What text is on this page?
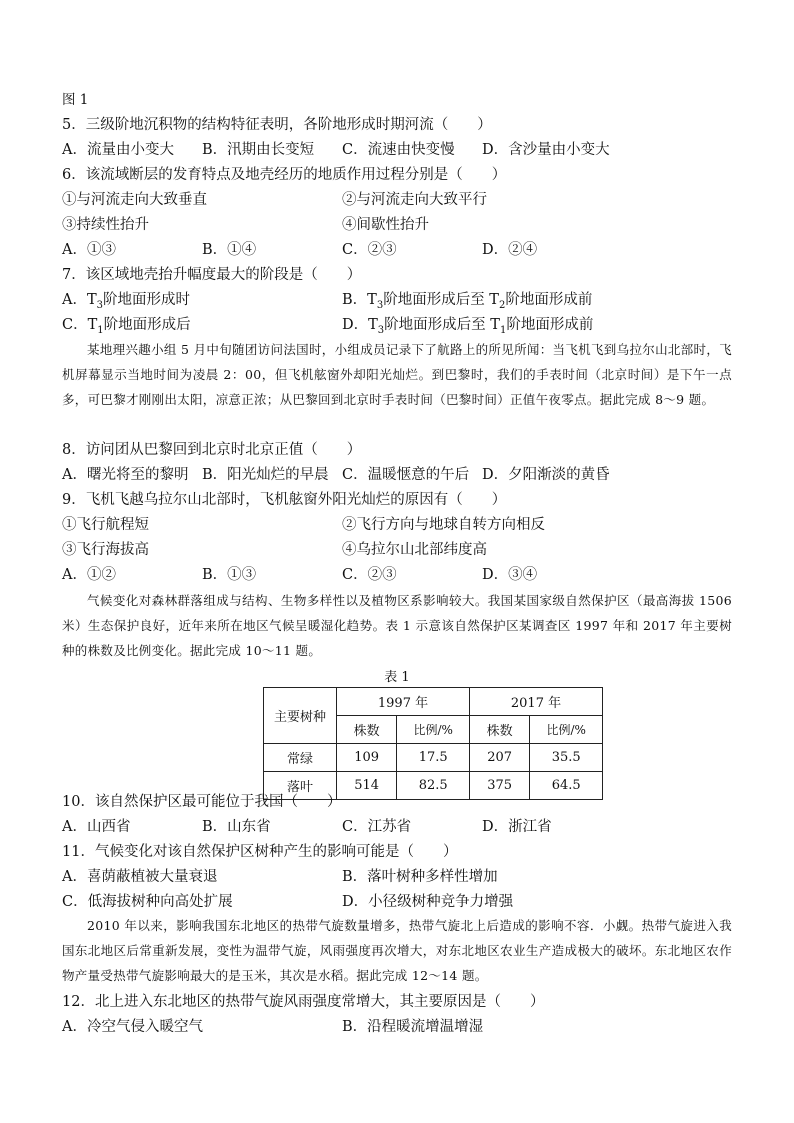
图 1
5．三级阶地沉积物的结构特征表明，各阶地形成时期河流（　　）
A．流量由小变大 B．汛期由长变短 C．流速由快变慢 D．含沙量由小变大
6．该流域断层的发育特点及地壳经历的地质作用过程分别是（　　）
①与河流走向大致垂直	②与河流走向大致平行
③持续性抬升	④间歇性抬升
A．①③	B．①④	C．②③	D．②④
7．该区域地壳抬升幅度最大的阶段是（　　）
A．$T_3$阶地面形成时	B．$T_3$阶地面形成后至 $T_2$阶地面形成前
C．$T_1$阶地面形成后	D．$T_3$阶地面形成后至 $T_1$阶地面形成前
某地理兴趣小组 5 月中旬随团访问法国时，小组成员记录下了航路上的所见所闻：当飞机飞到乌拉尔山北部时，飞机屏幕显示当地时间为凌晨 2：00，但飞机舷窗外却阳光灿烂。到巴黎时，我们的手表时间（北京时间）是下午一点多，可巴黎才刚刚出太阳，凉意正浓；从巴黎回到北京时手表时间（巴黎时间）正值午夜零点。据此完成 8～9 题。
8．访问团从巴黎回到北京时北京正值（　　）
A．曙光将至的黎明 B．阳光灿烂的早晨 C．温暖惬意的午后 D．夕阳渐淡的黄昏
9．飞机飞越乌拉尔山北部时，飞机舷窗外阳光灿烂的原因有（　　）
①飞行航程短	②飞行方向与地球自转方向相反
③飞行海拔高	④乌拉尔山北部纬度高
A．①②	B．①③	C．②③	D．③④
气候变化对森林群落组成与结构、生物多样性以及植物区系影响较大。我国某国家级自然保护区（最高海拔 1506 米）生态保护良好，近年来所在地区气候呈暖湿化趋势。表 1 示意该自然保护区某调查区 1997 年和 2017 年主要树种的株数及比例变化。据此完成 10～11 题。
表 1
主要树种	1997 年		2017 年	
	株数	比例/%	株数	比例/%
常绿	109	17.5	207	35.5
落叶	514	82.5	375	64.5
10．该自然保护区最可能位于我国（　　）
A．山西省	B．山东省	C．江苏省	D．浙江省
11．气候变化对该自然保护区树种产生的影响可能是（　　）
A．喜荫蔽植被大量衰退	B．落叶树种多样性增加
C．低海拔树种向高处扩展	D．小径级树种竞争力增强
2010 年以来，影响我国东北地区的热带气旋数量增多，热带气旋北上后造成的影响不容．小觑。热带气旋进入我国东北地区后常重新发展，变性为温带气旋，风雨强度再次增大，对东北地区农业生产造成极大的破坏。东北地区农作物产量受热带气旋影响最大的是玉米，其次是水稻。据此完成 12～14 题。
12．北上进入东北地区的热带气旋风雨强度常增大，其主要原因是（　　）
A．冷空气侵入暖空气	B．沿程暖流增温增湿
